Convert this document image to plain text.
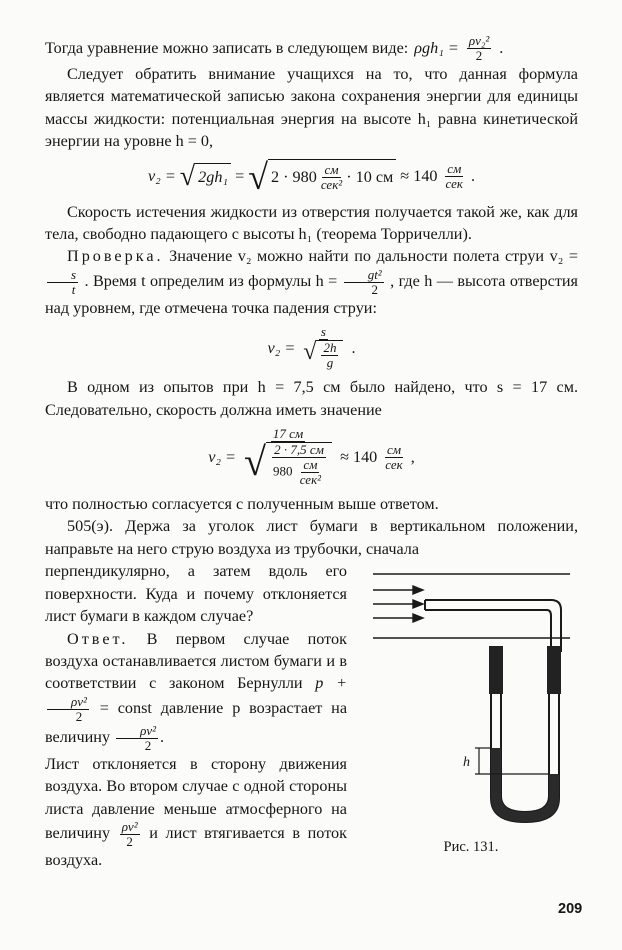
Тогда уравнение можно записать в следующем виде: $\rho gh_1 = \frac{\text{ρv₂²}}{2}$ .

Следует обратить внимание учащихся на то, что данная формула является математической записью закона сохранения энергии для единицы массы жидкости: потенциальная энергия на высоте h₁ равна кинетической энергии на уровне h = 0,

v₂ = √ 2gh₁ = √ $2 \cdot 980 \frac{см}{\text{сек²}} \cdot 10$ см ≈ $140 \frac{см}{\text{сек}}$ .

Скорость истечения жидкости из отверстия получается такой же, как для тела, свободно падающего с высоты h₁ (теорема Торричелли).

Проверка. Значение v₂ можно найти по дальности полета струи v₂ =
$\frac{s}{t}$ . Время t определим из формулы $h = \frac{\text{gt²}}{2}$ , где h — высота отверстия над уровнем, где отмечена точка падения струи:

$v_2 = \frac{s}{√ \frac{2h}{g}}$ .

В одном из опытов при h = 7,5 см было найдено, что s = 17 см. Следовательно, скорость должна иметь значение

$v_2 = \frac{17 см}{√ \frac{2 \cdot 7,5 см}{980 \frac{см}{\text{сек²}}}} \approx 140 \frac{см}{\text{сек}}$ ,

что полностью согласуется с полученным выше ответом.

505(э). Держа за уголок лист бумаги в вертикальном положении, направьте на него струю воздуха из трубочки, сначала

перпендикулярно, а затем вдоль его поверхности. Куда и почему отклоняется лист бумаги в каждом случае?

Ответ. В первом случае поток воздуха останавливается листом бумаги и в соответствии с законом Бернулли p +
$\frac{\text{ρv²}}{2}$ = const давление p возрастает на величину $\frac{\text{ρv²}}{2}$ .

Лист отклоняется в сторону движения воздуха. Во втором случае с одной стороны листа давление меньше атмосферного на величину $\frac{\text{ρv²}}{2}$ и лист втягивается в поток воздуха.

h
Рис. 131.
209
